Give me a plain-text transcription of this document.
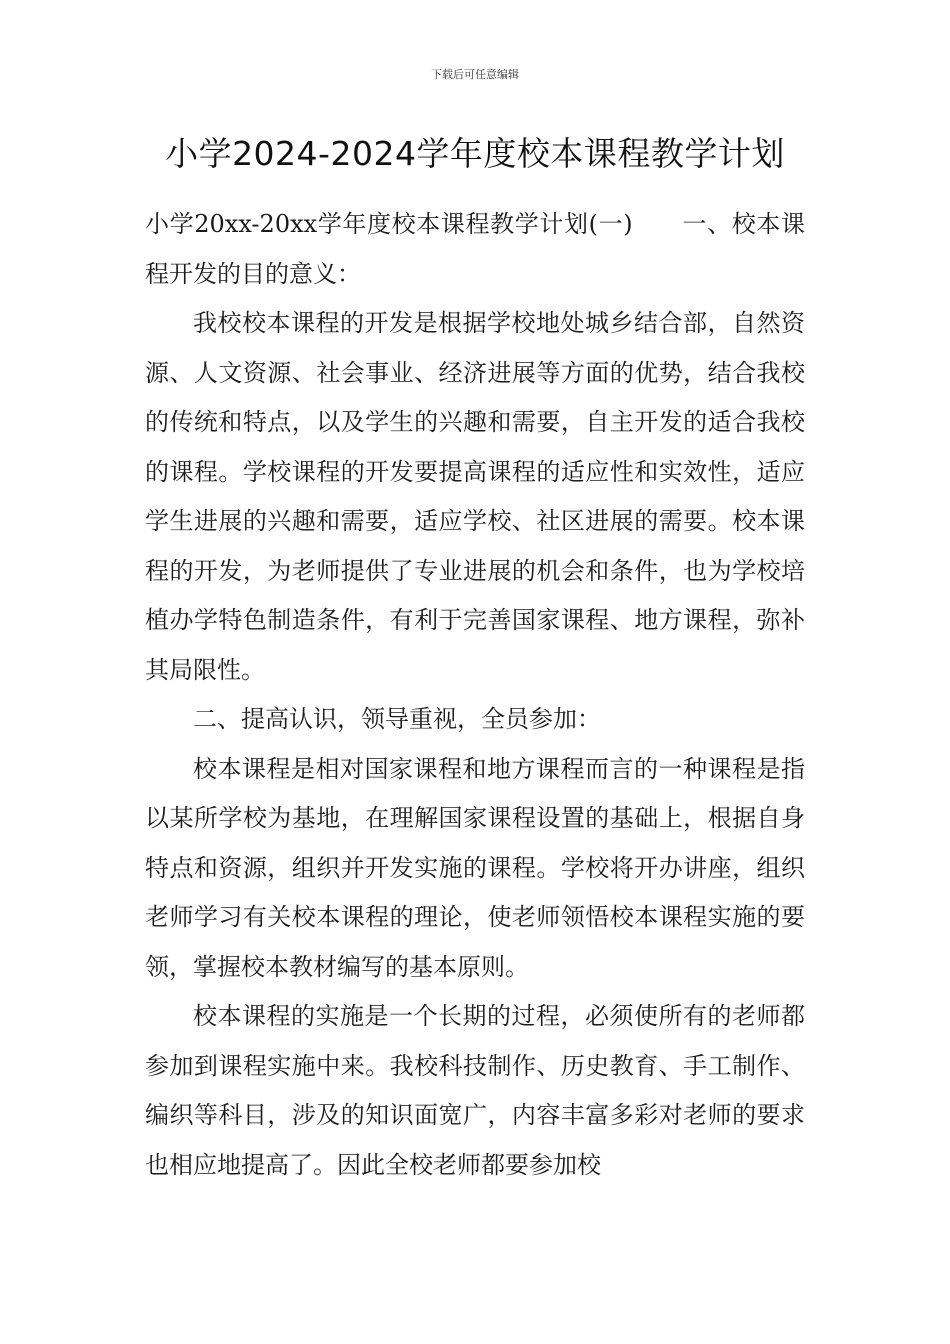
下载后可任意编辑
小学2024-2024学年度校本课程教学计划

小学20xx-20xx学年度校本课程教学计划(一)　　一、校本课程开发的目的意义：

我校校本课程的开发是根据学校地处城乡结合部，自然资源、人文资源、社会事业、经济进展等方面的优势，结合我校的传统和特点，以及学生的兴趣和需要，自主开发的适合我校的课程。学校课程的开发要提高课程的适应性和实效性，适应学生进展的兴趣和需要，适应学校、社区进展的需要。校本课程的开发，为老师提供了专业进展的机会和条件，也为学校培植办学特色制造条件，有利于完善国家课程、地方课程，弥补其局限性。

二、提高认识，领导重视，全员参加：

校本课程是相对国家课程和地方课程而言的一种课程是指以某所学校为基地，在理解国家课程设置的基础上，根据自身特点和资源，组织并开发实施的课程。学校将开办讲座，组织老师学习有关校本课程的理论，使老师领悟校本课程实施的要领，掌握校本教材编写的基本原则。

校本课程的实施是一个长期的过程，必须使所有的老师都参加到课程实施中来。我校科技制作、历史教育、手工制作、编织等科目，涉及的知识面宽广，内容丰富多彩对老师的要求也相应地提高了。因此全校老师都要参加校
